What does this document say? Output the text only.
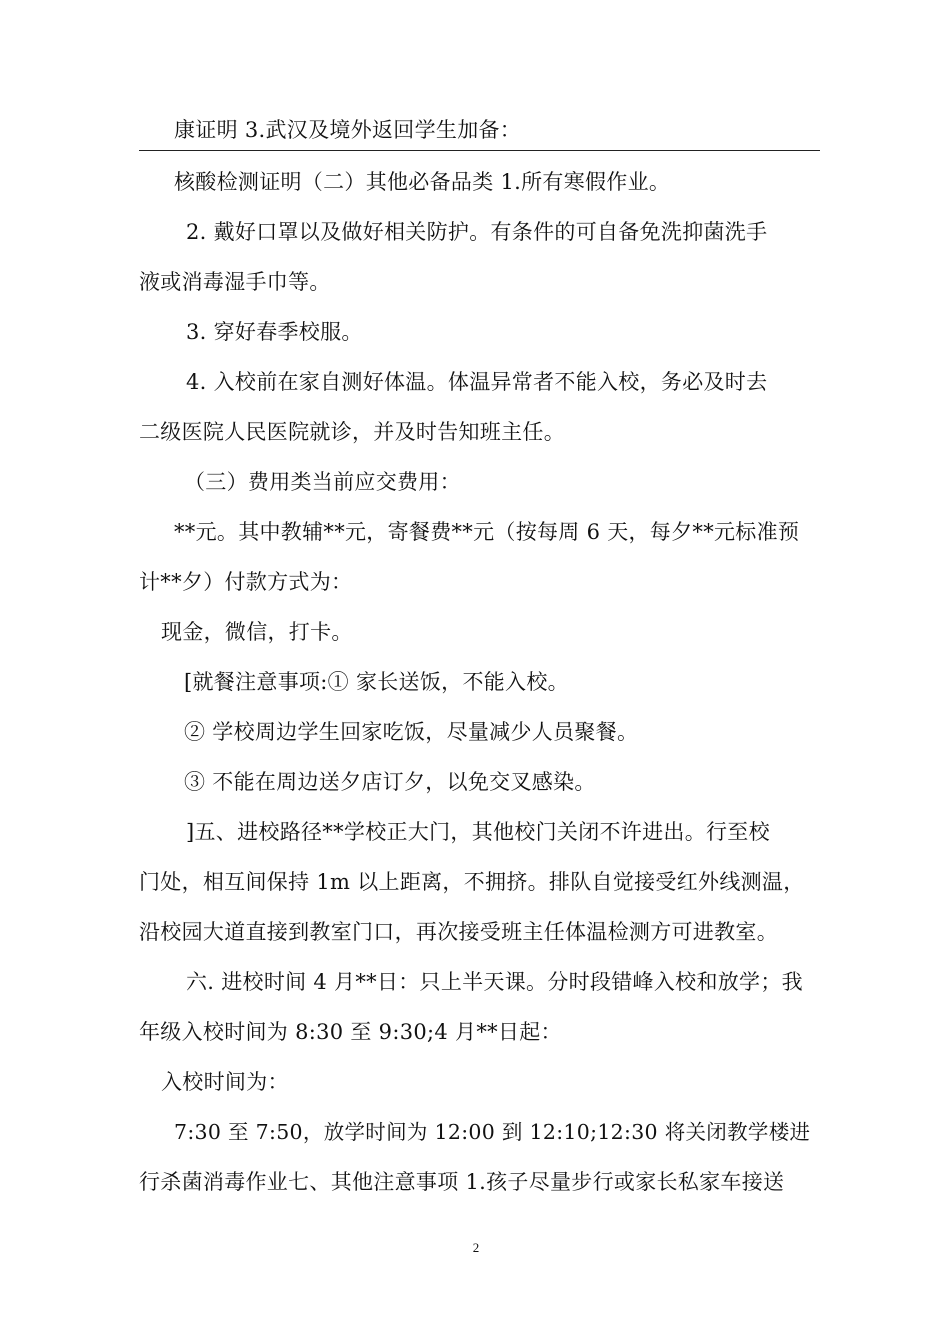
康证明 3.武汉及境外返回学生加备：
核酸检测证明（二）其他必备品类 1.所有寒假作业。
2. 戴好口罩以及做好相关防护。有条件的可自备免洗抑菌洗手
液或消毒湿手巾等。
3. 穿好春季校服。
4. 入校前在家自测好体温。体温异常者不能入校，务必及时去
二级医院人民医院就诊，并及时告知班主任。
（三）费用类当前应交费用：
**元。其中教辅**元，寄餐费**元（按每周 6 天，每夕**元标准预
计**夕）付款方式为：
现金，微信，打卡。
[就餐注意事项:① 家长送饭，不能入校。
② 学校周边学生回家吃饭，尽量减少人员聚餐。
③ 不能在周边送夕店订夕，以免交叉感染。
]五、进校路径**学校正大门，其他校门关闭不许进出。行至校
门处，相互间保持 1m 以上距离，不拥挤。排队自觉接受红外线测温，
沿校园大道直接到教室门口，再次接受班主任体温检测方可进教室。
六. 进校时间 4 月**日：只上半天课。分时段错峰入校和放学；我
年级入校时间为 8:30 至 9:30;4 月**日起：
入校时间为：
7:30 至 7:50，放学时间为 12:00 到 12:10;12:30 将关闭教学楼进
行杀菌消毒作业七、其他注意事项 1.孩子尽量步行或家长私家车接送
2
